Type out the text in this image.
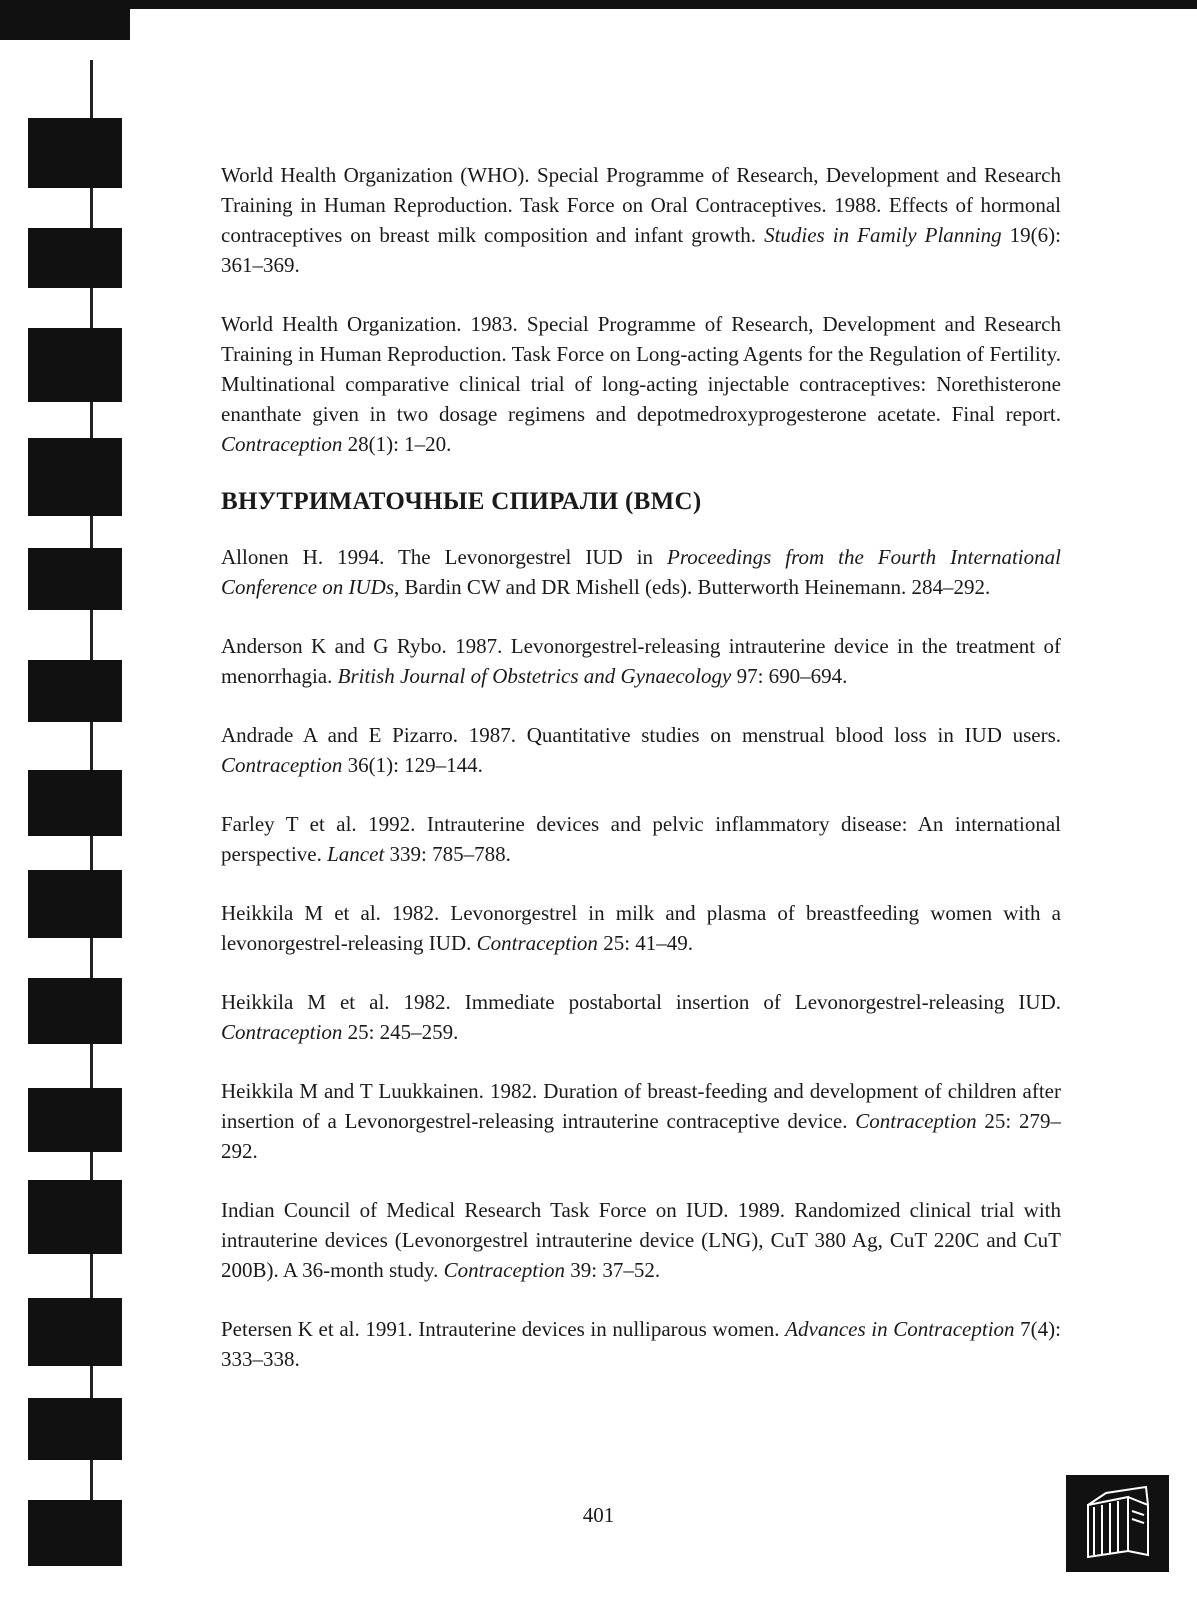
World Health Organization (WHO). Special Programme of Research, Development and Research Training in Human Reproduction. Task Force on Oral Contraceptives. 1988. Effects of hormonal contraceptives on breast milk composition and infant growth. Studies in Family Planning 19(6): 361–369.

World Health Organization. 1983. Special Programme of Research, Development and Research Training in Human Reproduction. Task Force on Long-acting Agents for the Regulation of Fertility. Multinational comparative clinical trial of long-acting injectable contraceptives: Norethisterone enanthate given in two dosage regimens and depotmedroxyprogesterone acetate. Final report. Contraception 28(1): 1–20.

ВНУТРИМАТОЧНЫЕ СПИРАЛИ (ВМС)

Allonen H. 1994. The Levonorgestrel IUD in Proceedings from the Fourth International Conference on IUDs, Bardin CW and DR Mishell (eds). Butterworth Heinemann. 284–292.

Anderson K and G Rybo. 1987. Levonorgestrel-releasing intrauterine device in the treatment of menorrhagia. British Journal of Obstetrics and Gynaecology 97: 690–694.

Andrade A and E Pizarro. 1987. Quantitative studies on menstrual blood loss in IUD users. Contraception 36(1): 129–144.

Farley T et al. 1992. Intrauterine devices and pelvic inflammatory disease: An international perspective. Lancet 339: 785–788.

Heikkila M et al. 1982. Levonorgestrel in milk and plasma of breastfeeding women with a levonorgestrel-releasing IUD. Contraception 25: 41–49.

Heikkila M et al. 1982. Immediate postabortal insertion of Levonorgestrel-releasing IUD. Contraception 25: 245–259.

Heikkila M and T Luukkainen. 1982. Duration of breast-feeding and development of children after insertion of a Levonorgestrel-releasing intrauterine contraceptive device. Contraception 25: 279–292.

Indian Council of Medical Research Task Force on IUD. 1989. Randomized clinical trial with intrauterine devices (Levonorgestrel intrauterine device (LNG), CuT 380 Ag, CuT 220C and CuT 200B). A 36-month study. Contraception 39: 37–52.

Petersen K et al. 1991. Intrauterine devices in nulliparous women. Advances in Contraception 7(4): 333–338.

401
